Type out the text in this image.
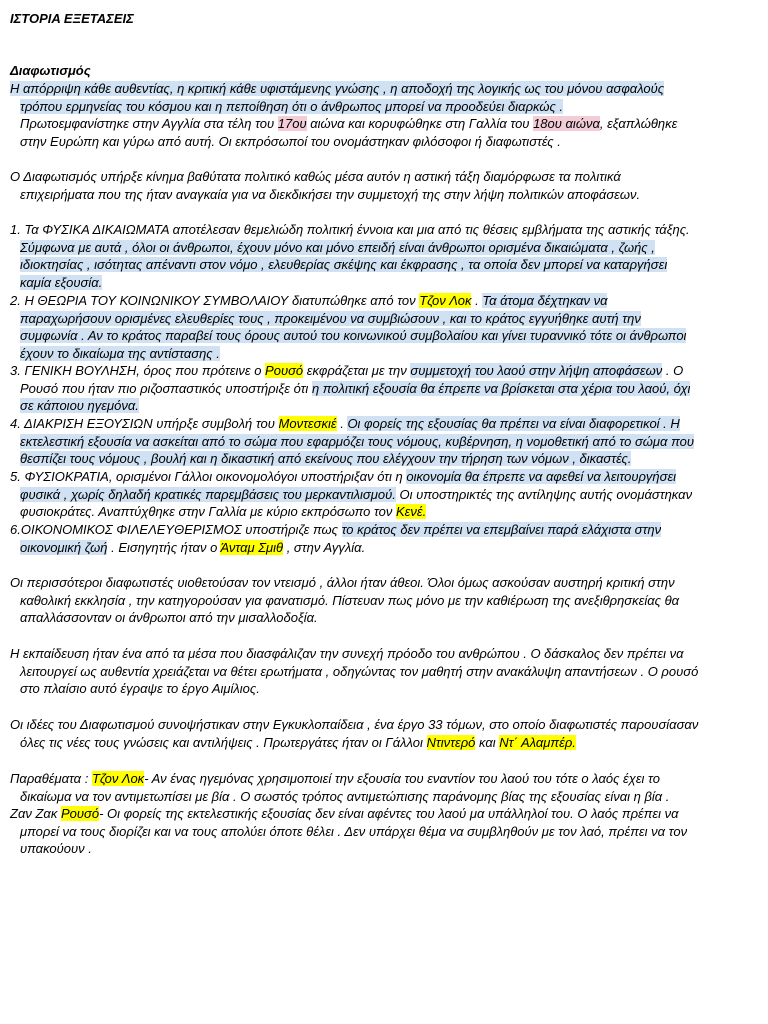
ΙΣΤΟΡΙΑ ΕΞΕΤΑΣΕΙΣ
Διαφωτισμός

Η απόρριψη κάθε αυθεντίας, η κριτική κάθε υφιστάμενης γνώσης , η αποδοχή της λογικής ως του μόνου ασφαλούς
τρόπου ερμηνείας του κόσμου και η πεποίθηση ότι ο άνθρωπος μπορεί να προοδεύει διαρκώς .
Πρωτοεμφανίστηκε στην Αγγλία στα τέλη του 17ου αιώνα και κορυφώθηκε στη Γαλλία του 18ου αιώνα, εξαπλώθηκε
στην Ευρώπη και γύρω από αυτή. Οι εκπρόσωποί του ονομάστηκαν φιλόσοφοι ή διαφωτιστές .

Ο Διαφωτισμός υπήρξε κίνημα βαθύτατα πολιτικό καθώς μέσα αυτόν η αστική τάξη διαμόρφωσε τα πολιτικά
επιχειρήματα που της ήταν αναγκαία για να διεκδικήσει την συμμετοχή της στην λήψη πολιτικών αποφάσεων.

1. Τα ΦΥΣΙΚΑ ΔΙΚΑΙΩΜΑΤΑ αποτέλεσαν θεμελιώδη πολιτική έννοια και μια από τις θέσεις εμβλήματα της αστικής τάξης.
Σύμφωνα με αυτά , όλοι οι άνθρωποι, έχουν μόνο και μόνο επειδή είναι άνθρωποι ορισμένα δικαιώματα , ζωής ,
ιδιοκτησίας , ισότητας απέναντι στον νόμο , ελευθερίας σκέψης και έκφρασης , τα οποία δεν μπορεί να καταργήσει
καμία εξουσία.

2. Η ΘΕΩΡΙΑ ΤΟΥ ΚΟΙΝΩΝΙΚΟΥ ΣΥΜΒΟΛΑΙΟΥ διατυπώθηκε από τον Τζον Λοκ . Τα άτομα δέχτηκαν να
παραχωρήσουν ορισμένες ελευθερίες τους , προκειμένου να συμβιώσουν , και το κράτος εγγυήθηκε αυτή την
συμφωνία . Αν το κράτος παραβεί τους όρους αυτού του κοινωνικού συμβολαίου και γίνει τυραννικό τότε οι άνθρωποι
έχουν το δικαίωμα της αντίστασης .

3. ΓΕΝΙΚΗ ΒΟΥΛΗΣΗ, όρος που πρότεινε ο Ρουσό εκφράζεται με την συμμετοχή του λαού στην λήψη αποφάσεων . Ο
Ρουσό που ήταν πιο ριζοσπαστικός υποστήριξε ότι η πολιτική εξουσία θα έπρεπε να βρίσκεται στα χέρια του λαού, όχι
σε κάποιου ηγεμόνα.

4. ΔΙΑΚΡΙΣΗ ΕΞΟΥΣΙΩΝ υπήρξε συμβολή του Μοντεσκιέ . Οι φορείς της εξουσίας θα πρέπει να είναι διαφορετικοί . Η
εκτελεστική εξουσία να ασκείται από το σώμα που εφαρμόζει τους νόμους, κυβέρνηση, η νομοθετική από το σώμα που
θεσπίζει τους νόμους , βουλή και η δικαστική από εκείνους που ελέγχουν την τήρηση των νόμων , δικαστές.

5. ΦΥΣΙΟΚΡΑΤΙΑ, ορισμένοι Γάλλοι οικονομολόγοι υποστήριξαν ότι η οικονομία θα έπρεπε να αφεθεί να λειτουργήσει
φυσικά , χωρίς δηλαδή κρατικές παρεμβάσεις του μερκαντιλισμού. Οι υποστηρικτές της αντίληψης αυτής ονομάστηκαν
φυσιοκράτες. Αναπτύχθηκε στην Γαλλία με κύριο εκπρόσωπο τον Κενέ.

6.ΟΙΚΟΝΟΜΙΚΟΣ ΦΙΛΕΛΕΥΘΕΡΙΣΜΟΣ υποστήριζε πως το κράτος δεν πρέπει να επεμβαίνει παρά ελάχιστα στην
οικονομική ζωή . Εισηγητής ήταν ο Άνταμ Σμιθ , στην Αγγλία.

Οι περισσότεροι διαφωτιστές υιοθετούσαν τον ντεισμό , άλλοι ήταν άθεοι. Όλοι όμως ασκούσαν αυστηρή κριτική στην
καθολική εκκλησία , την κατηγορούσαν για φανατισμό. Πίστευαν πως μόνο με την καθιέρωση της ανεξιθρησκείας θα
απαλλάσσονταν οι άνθρωποι από την μισαλλοδοξία.

Η εκπαίδευση ήταν ένα από τα μέσα που διασφάλιζαν την συνεχή πρόοδο του ανθρώπου . Ο δάσκαλος δεν πρέπει να
λειτουργεί ως αυθεντία χρειάζεται να θέτει ερωτήματα , οδηγώντας τον μαθητή στην ανακάλυψη απαντήσεων . Ο ρουσό
στο πλαίσιο αυτό έγραψε το έργο Αιμίλιος.

Οι ιδέες του Διαφωτισμού συνοψήστικαν στην Εγκυκλοπαίδεια , ένα έργο 33 τόμων, στο οποίο διαφωτιστές παρουσίασαν
όλες τις νέες τους γνώσεις και αντιλήψεις . Πρωτεργάτες ήταν οι Γάλλοι Ντιντερό και Ντ΄ Αλαμπέρ.

Παραθέματα : Τζον Λοκ- Αν ένας ηγεμόνας χρησιμοποιεί την εξουσία του εναντίον του λαού του τότε ο λαός έχει το
δικαίωμα να τον αντιμετωπίσει με βία . Ο σωστός τρόπος αντιμετώπισης παράνομης βίας της εξουσίας είναι η βία .

Ζαν Ζακ Ρουσό- Οι φορείς της εκτελεστικής εξουσίας δεν είναι αφέντες του λαού μα υπάλληλοί του. Ο λαός πρέπει να
μπορεί να τους διορίζει και να τους απολύει όποτε θέλει . Δεν υπάρχει θέμα να συμβληθούν με τον λαό, πρέπει να τον
υπακούουν .
